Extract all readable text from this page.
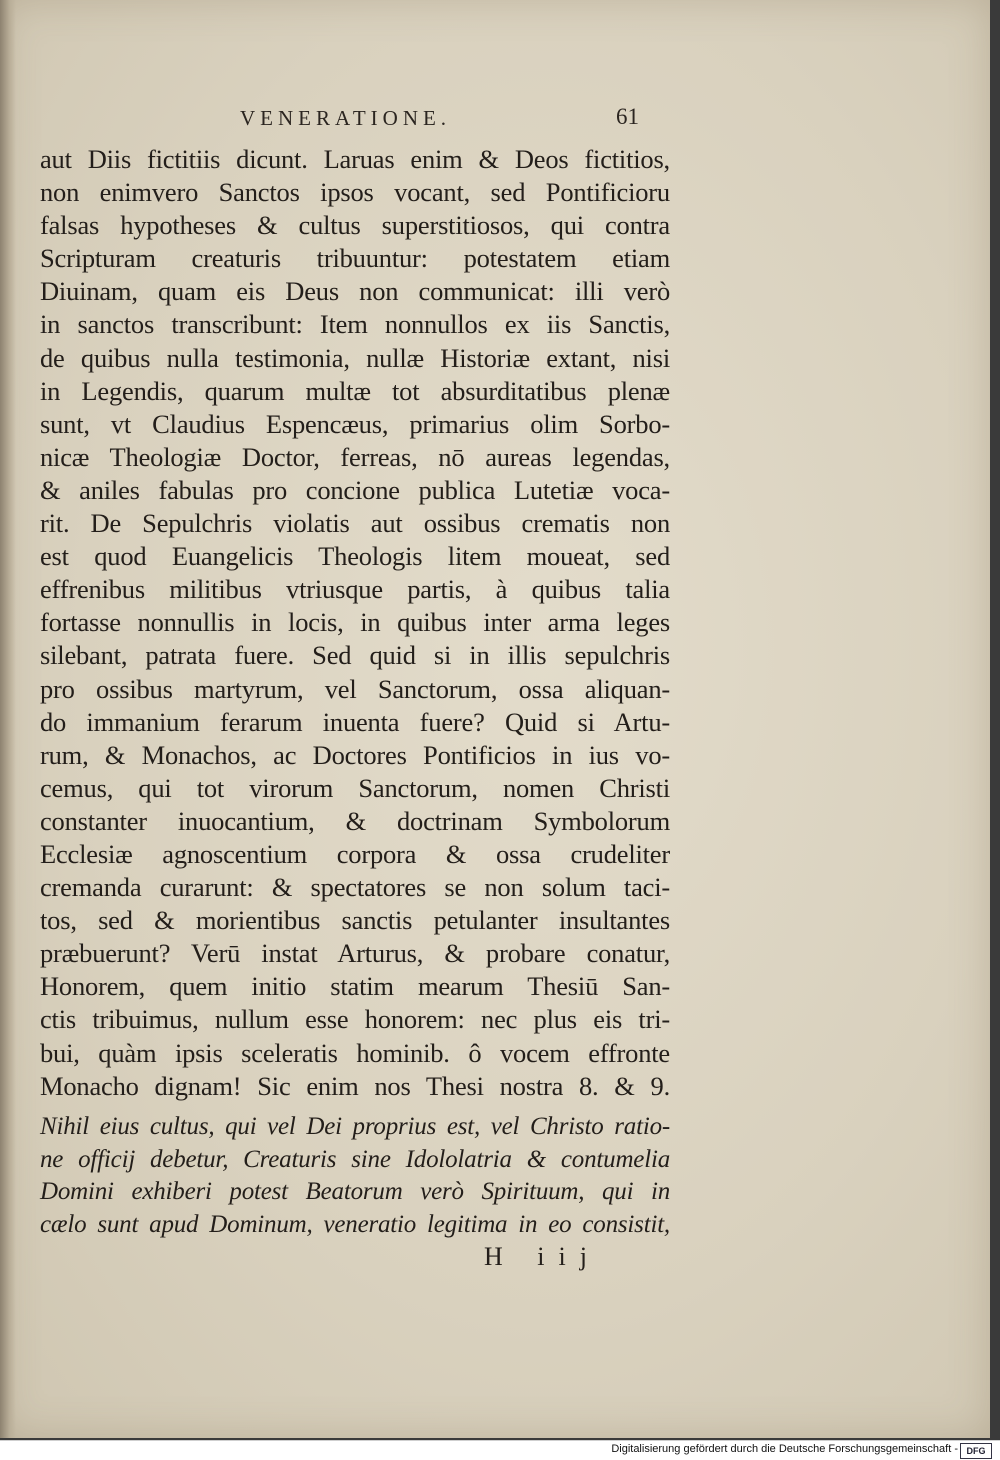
VENERATIONE.	61
aut Diis fictitiis dicunt. Laruas enim & Deos fictitios,
non enimvero Sanctos ipsos vocant, sed Pontificioru
falsas hypotheses & cultus superstitiosos, qui contra
Scripturam creaturis tribuuntur: potestatem etiam
Diuinam, quam eis Deus non communicat: illi verò
in sanctos transcribunt: Item nonnullos ex iis Sanctis,
de quibus nulla testimonia, nullæ Historiæ extant, nisi
in Legendis, quarum multæ tot absurditatibus plenæ
sunt, vt Claudius Espencæus, primarius olim Sorbo-
nicæ Theologiæ Doctor, ferreas, nō aureas legendas,
& aniles fabulas pro concione publica Lutetiæ voca-
rit. De Sepulchris violatis aut ossibus crematis non
est quod Euangelicis Theologis litem moueat, sed
effrenibus militibus vtriusque partis, à quibus talia
fortasse nonnullis in locis, in quibus inter arma leges
silebant, patrata fuere. Sed quid si in illis sepulchris
pro ossibus martyrum, vel Sanctorum, ossa aliquan-
do immanium ferarum inuenta fuere? Quid si Artu-
rum, & Monachos, ac Doctores Pontificios in ius vo-
cemus, qui tot virorum Sanctorum, nomen Christi
constanter inuocantium, & doctrinam Symbolorum
Ecclesiæ agnoscentium corpora & ossa crudeliter
cremanda curarunt: & spectatores se non solum taci-
tos, sed & morientibus sanctis petulanter insultantes
præbuerunt? Verū instat Arturus, & probare conatur,
Honorem, quem initio statim mearum Thesiū San-
ctis tribuimus, nullum esse honorem: nec plus eis tri-
bui, quàm ipsis sceleratis hominib. ô vocem effronte
Monacho dignam! Sic enim nos Thesi nostra 8. & 9.
Nihil eius cultus, qui vel Dei proprius est, vel Christo ratio-
ne officij debetur, Creaturis sine Idololatria & contumelia
Domini exhiberi potest Beatorum verò Spirituum, qui in
cælo sunt apud Dominum, veneratio legitima in eo consistit,
H iij
Digitalisierung gefördert durch die Deutsche Forschungsgemeinschaft - DFG
